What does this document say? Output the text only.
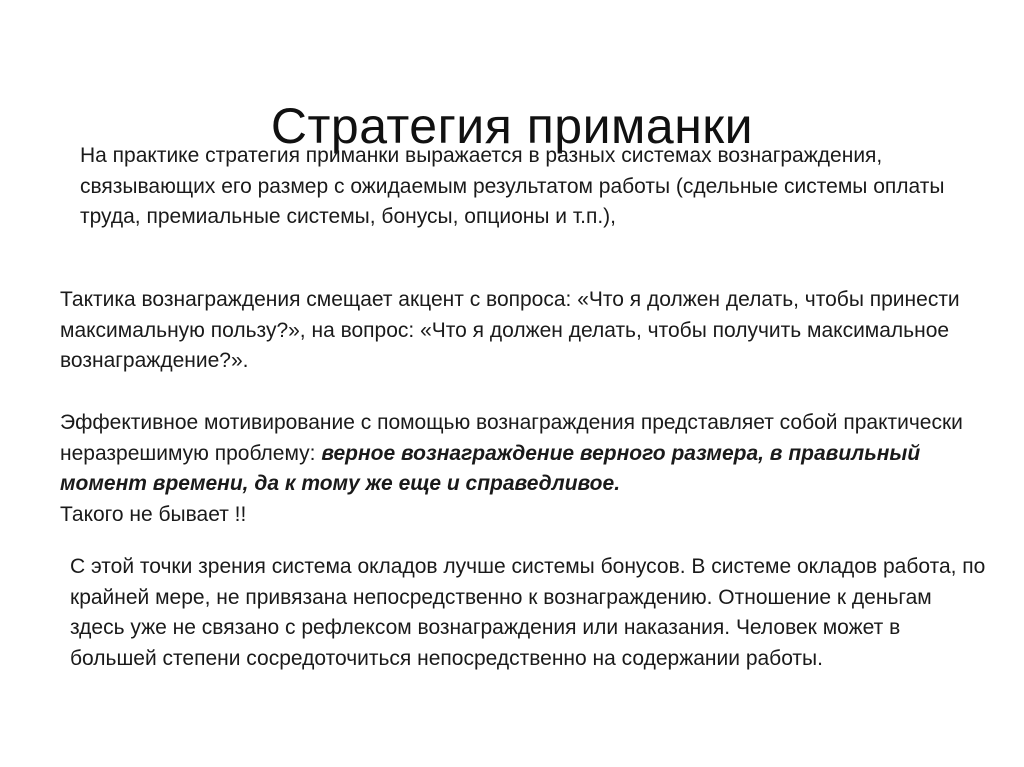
Стратегия приманки

На практике стратегия приманки выражается в разных системах вознаграждения, связывающих его размер с ожидаемым результатом работы (сдельные системы оплаты труда, премиальные системы, бонусы, опционы и т.п.),

Тактика вознаграждения смещает акцент с вопроса: «Что я должен делать, чтобы принести максимальную пользу?», на вопрос: «Что я должен делать, чтобы получить максимальное вознаграждение?».

Эффективное мотивирование с помощью вознаграждения представляет собой практически неразрешимую проблему: верное вознаграждение верного размера, в правильный момент времени, да к тому же еще и справедливое.
Такого не бывает !!

С этой точки зрения система окладов лучше системы бонусов. В системе окладов работа, по крайней мере, не привязана непосредственно к вознаграждению. Отношение к деньгам здесь уже не связано с рефлексом вознаграждения или наказания. Человек может в большей степени сосредоточиться непосредственно на содержании работы.
